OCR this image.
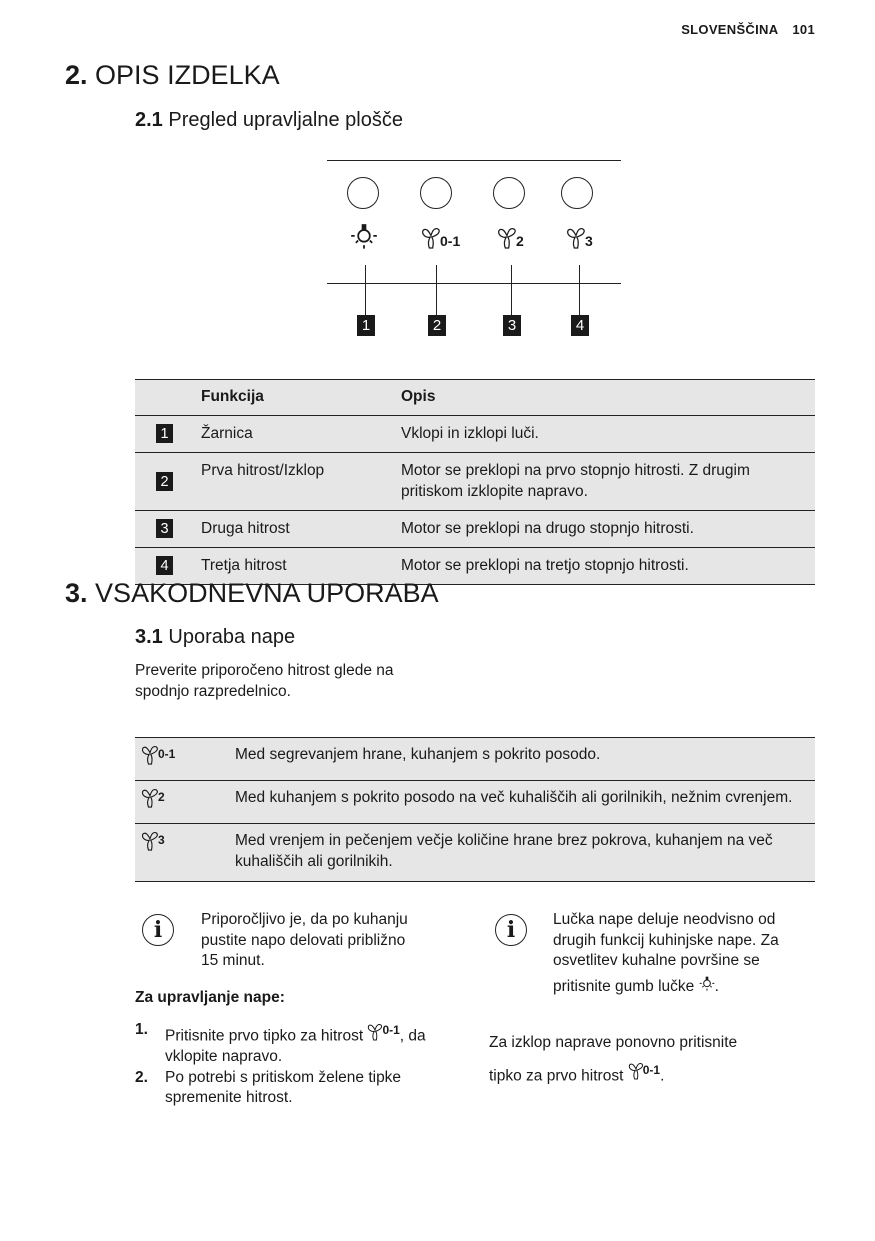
SLOVENŠČINA 101
2. OPIS IZDELKA
2.1 Pregled upravljalne plošče
0-1	2	3
1	2	3	4
	Funkcija	Opis
1	Žarnica	Vklopi in izklopi luči.
2	Prva hitrost/Izklop	Motor se preklopi na prvo stopnjo hitrosti. Z drugim pritiskom izklopite napravo.
3	Druga hitrost	Motor se preklopi na drugo stopnjo hitrosti.
4	Tretja hitrost	Motor se preklopi na tretjo stopnjo hitrosti.
3. VSAKODNEVNA UPORABA
3.1 Uporaba nape
Preverite priporočeno hitrost glede na spodnjo razpredelnico.
0-1	Med segrevanjem hrane, kuhanjem s pokrito posodo.

2	Med kuhanjem s pokrito posodo na več kuhališčih ali gorilnikih, nežnim cvrenjem.

3	Med vrenjem in pečenjem večje količine hrane brez pokrova, kuhanjem na več kuhališčih ali gorilnikih.
i	Priporočljivo je, da po kuhanju pustite napo delovati približno 15 minut.
Za upravljanje nape:
1. Pritisnite prvo tipko za hitrost 0-1 , da vklopite napravo.
2. Po potrebi s pritiskom želene tipke spremenite hitrost.
i	Lučka nape deluje neodvisno od drugih funkcij kuhinjske nape. Za osvetlitev kuhalne površine se
pritisnite gumb lučke .
Za izklop naprave ponovno pritisnite
tipko za prvo hitrost 0-1 .
